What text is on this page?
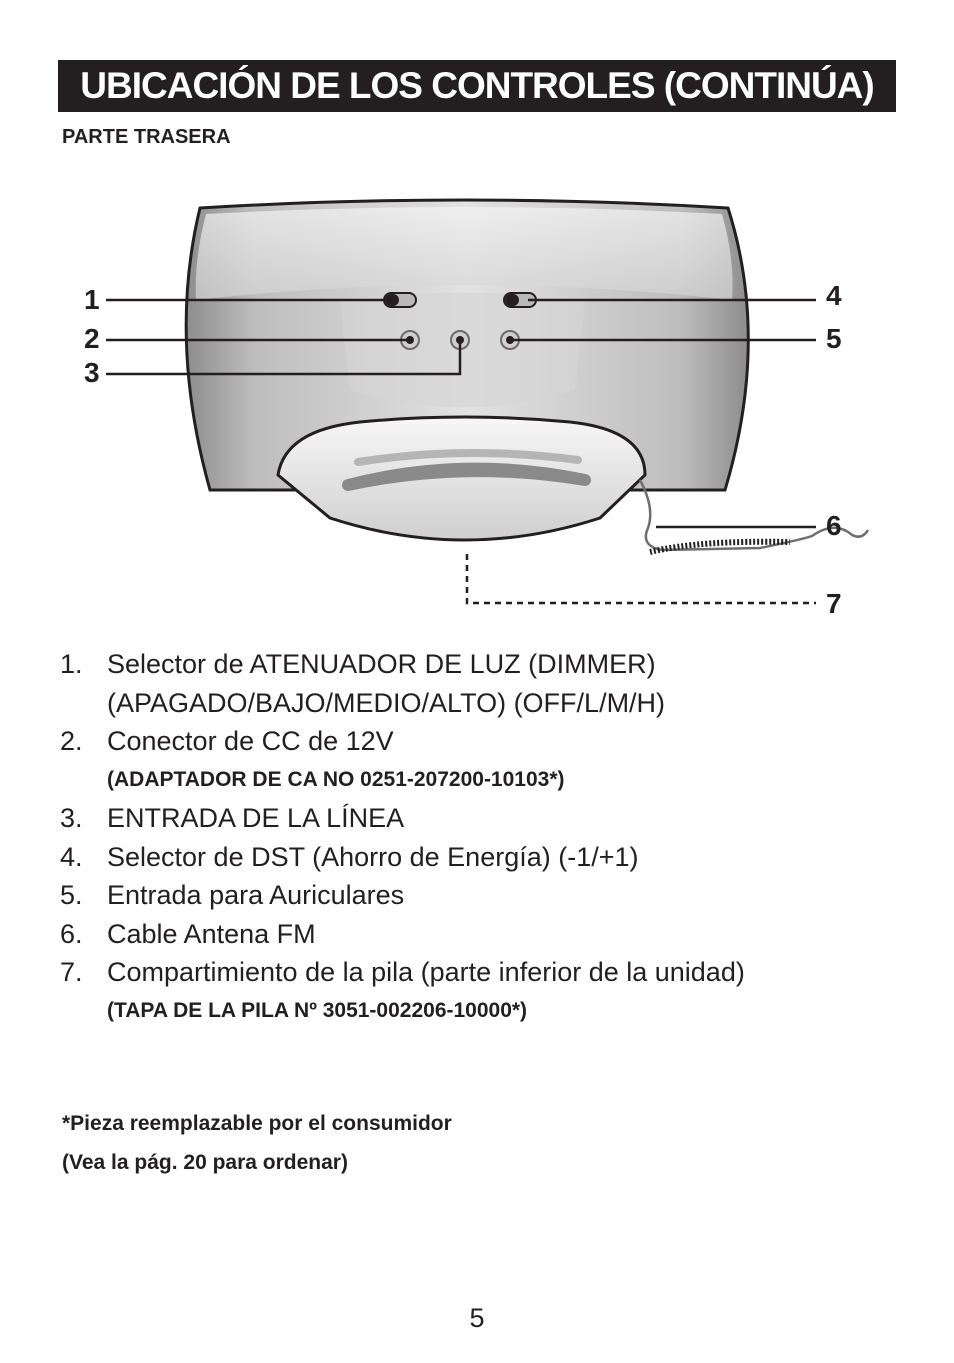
UBICACIÓN DE LOS CONTROLES (CONTINÚA)
PARTE TRASERA
1
2
3
4
5
6
7
1. Selector de ATENUADOR DE LUZ (DIMMER)
(APAGADO/BAJO/MEDIO/ALTO) (OFF/L/M/H)
2. Conector de CC de 12V
(ADAPTADOR DE CA NO 0251-207200-10103*)
3. ENTRADA DE LA LÍNEA
4. Selector de DST (Ahorro de Energía) (-1/+1)
5. Entrada para Auriculares
6. Cable Antena FM
7. Compartimiento de la pila (parte inferior de la unidad)
(TAPA DE LA PILA Nº 3051-002206-10000*)
*Pieza reemplazable por el consumidor
(Vea la pág. 20 para ordenar)
5
